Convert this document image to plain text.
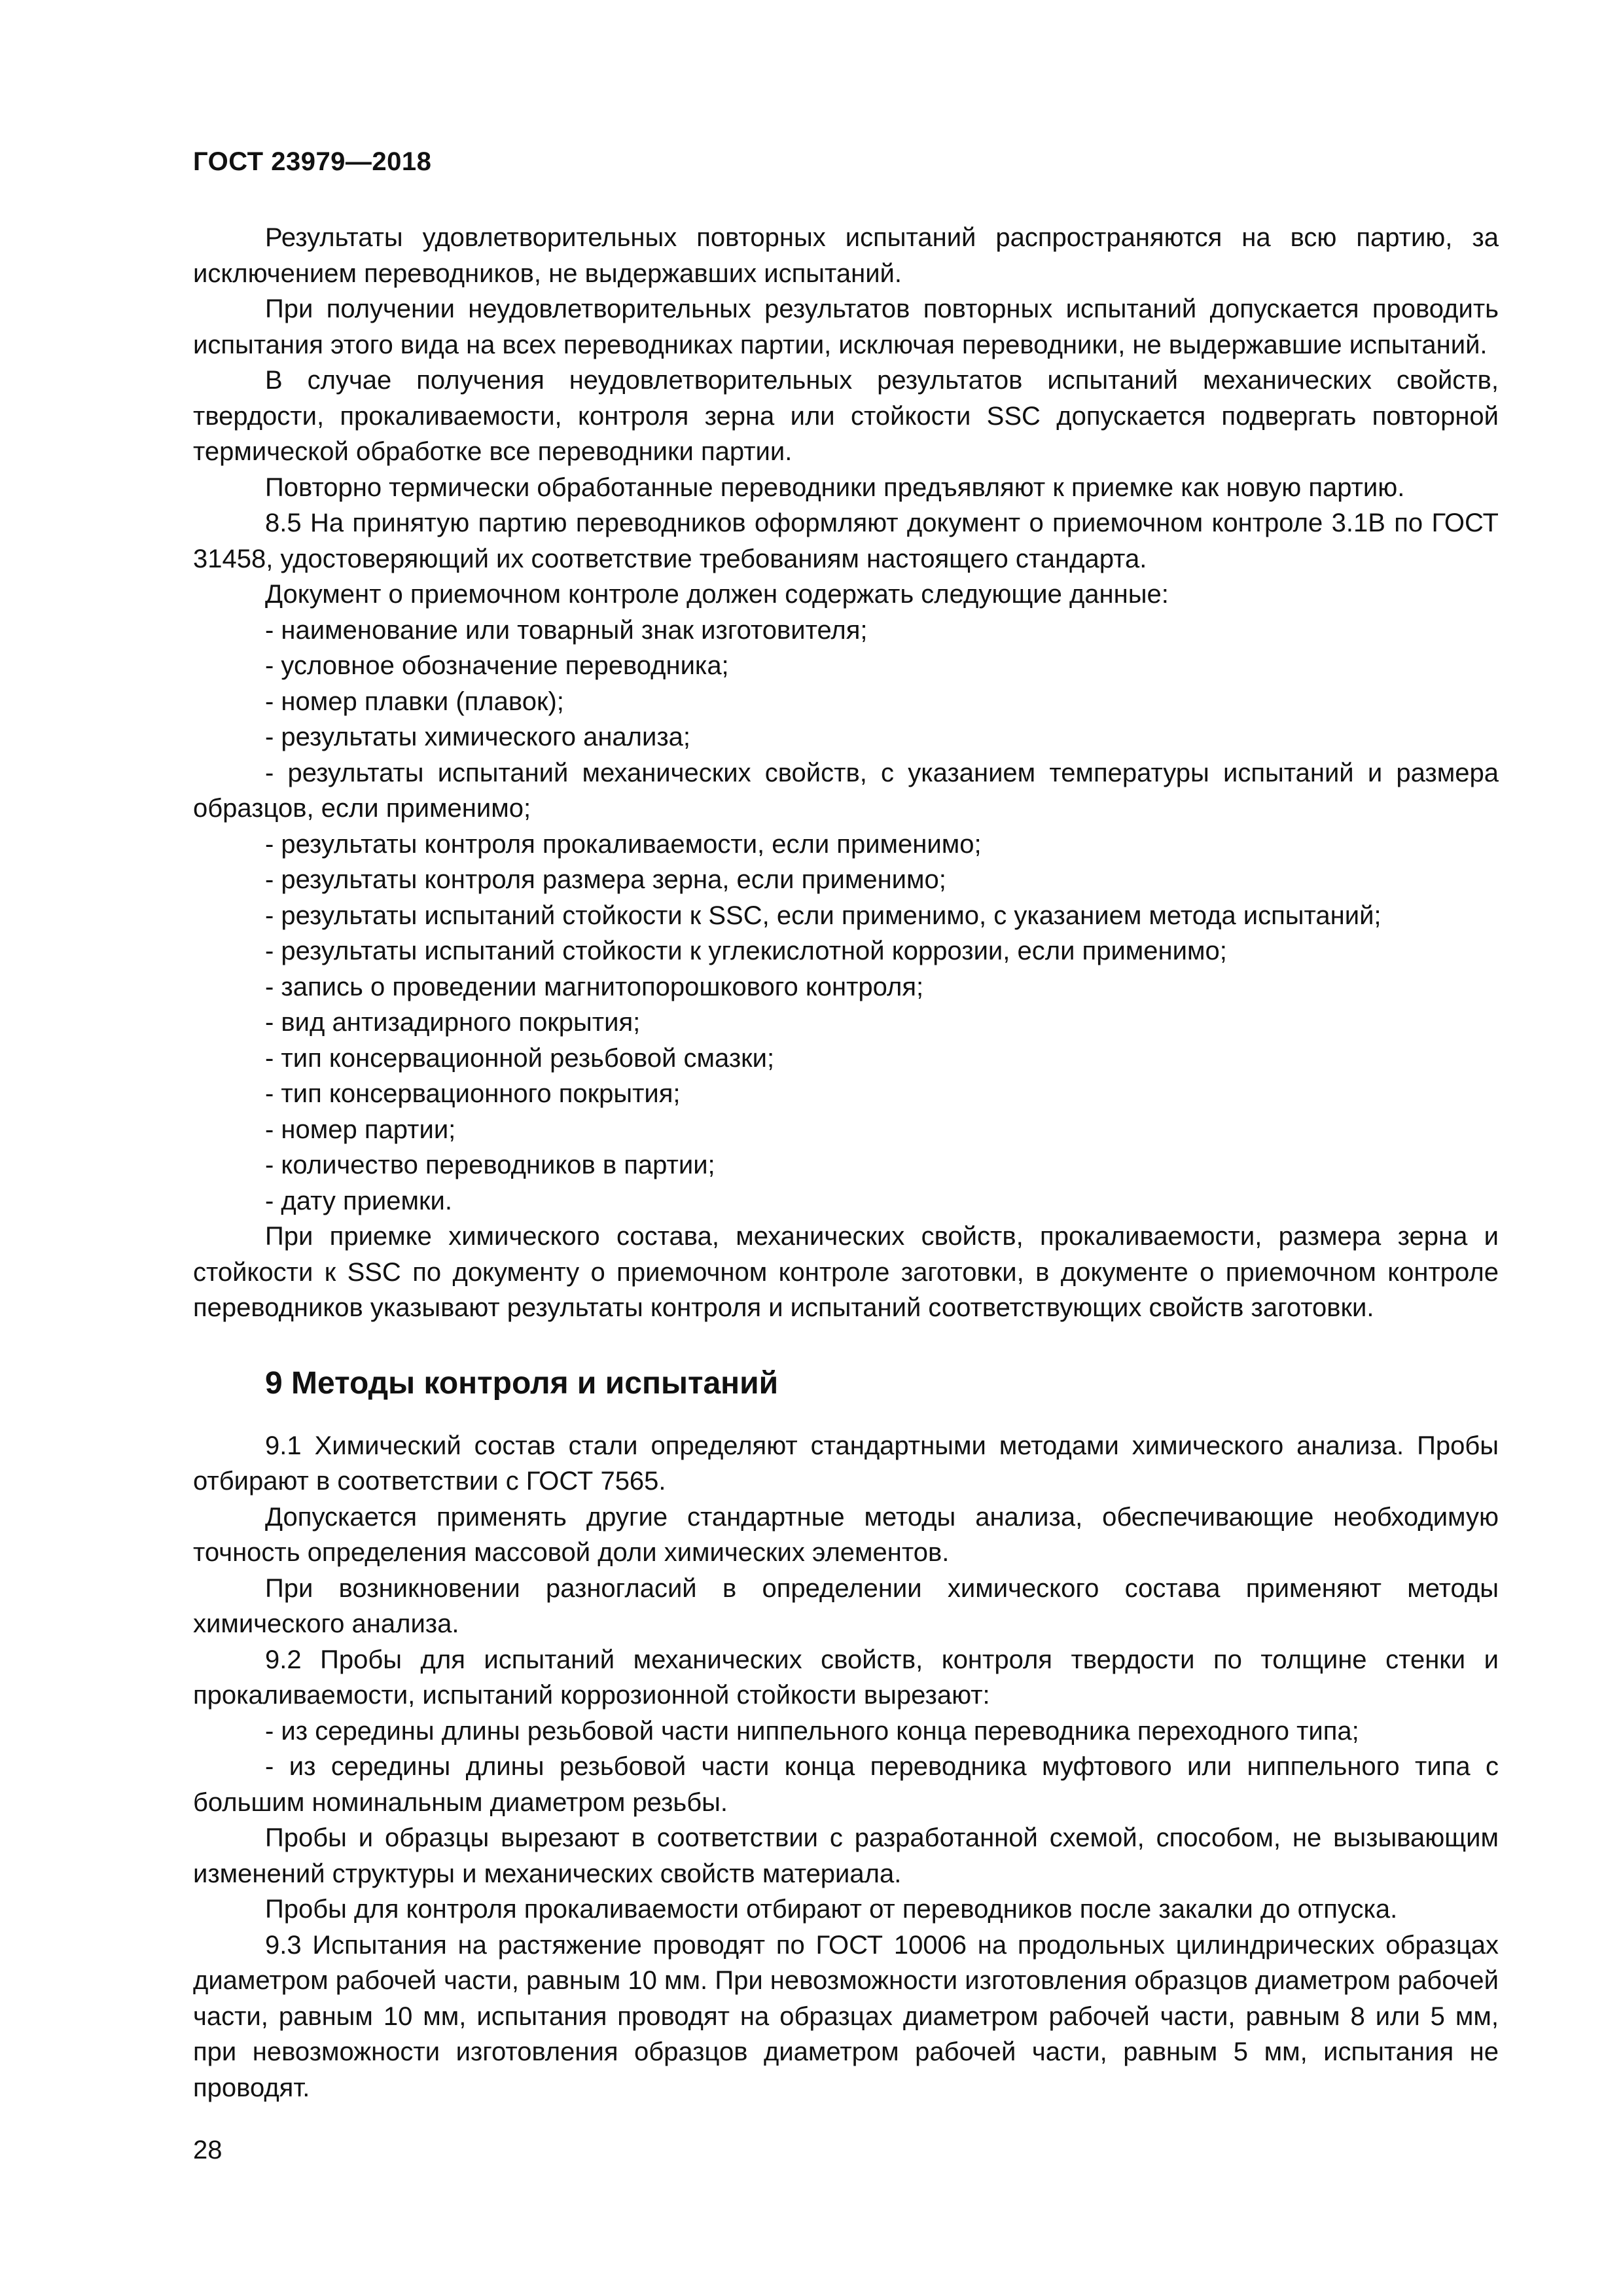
ГОСТ 23979—2018

Результаты удовлетворительных повторных испытаний распространяются на всю партию, за исключением переводников, не выдержавших испытаний.

При получении неудовлетворительных результатов повторных испытаний допускается проводить испытания этого вида на всех переводниках партии, исключая переводники, не выдержавшие испытаний.

В случае получения неудовлетворительных результатов испытаний механических свойств, твердости, прокаливаемости, контроля зерна или стойкости SSC допускается подвергать повторной термической обработке все переводники партии.

Повторно термически обработанные переводники предъявляют к приемке как новую партию.

8.5 На принятую партию переводников оформляют документ о приемочном контроле 3.1В по ГОСТ 31458, удостоверяющий их соответствие требованиям настоящего стандарта.

Документ о приемочном контроле должен содержать следующие данные:

- наименование или товарный знак изготовителя;

- условное обозначение переводника;

- номер плавки (плавок);

- результаты химического анализа;

- результаты испытаний механических свойств, с указанием температуры испытаний и размера образцов, если применимо;

- результаты контроля прокаливаемости, если применимо;

- результаты контроля размера зерна, если применимо;

- результаты испытаний стойкости к SSC, если применимо, с указанием метода испытаний;

- результаты испытаний стойкости к углекислотной коррозии, если применимо;

- запись о проведении магнитопорошкового контроля;

- вид антизадирного покрытия;

- тип консервационной резьбовой смазки;

- тип консервационного покрытия;

- номер партии;

- количество переводников в партии;

- дату приемки.

При приемке химического состава, механических свойств, прокаливаемости, размера зерна и стойкости к SSC по документу о приемочном контроле заготовки, в документе о приемочном контроле переводников указывают результаты контроля и испытаний соответствующих свойств заготовки.

9 Методы контроля и испытаний

9.1 Химический состав стали определяют стандартными методами химического анализа. Пробы отбирают в соответствии с ГОСТ 7565.

Допускается применять другие стандартные методы анализа, обеспечивающие необходимую точность определения массовой доли химических элементов.

При возникновении разногласий в определении химического состава применяют методы химического анализа.

9.2 Пробы для испытаний механических свойств, контроля твердости по толщине стенки и прокаливаемости, испытаний коррозионной стойкости вырезают:

- из середины длины резьбовой части ниппельного конца переводника переходного типа;

- из середины длины резьбовой части конца переводника муфтового или ниппельного типа с большим номинальным диаметром резьбы.

Пробы и образцы вырезают в соответствии с разработанной схемой, способом, не вызывающим изменений структуры и механических свойств материала.

Пробы для контроля прокаливаемости отбирают от переводников после закалки до отпуска.

9.3 Испытания на растяжение проводят по ГОСТ 10006 на продольных цилиндрических образцах диаметром рабочей части, равным 10 мм. При невозможности изготовления образцов диаметром рабочей части, равным 10 мм, испытания проводят на образцах диаметром рабочей части, равным 8 или 5 мм, при невозможности изготовления образцов диаметром рабочей части, равным 5 мм, испытания не проводят.

28
